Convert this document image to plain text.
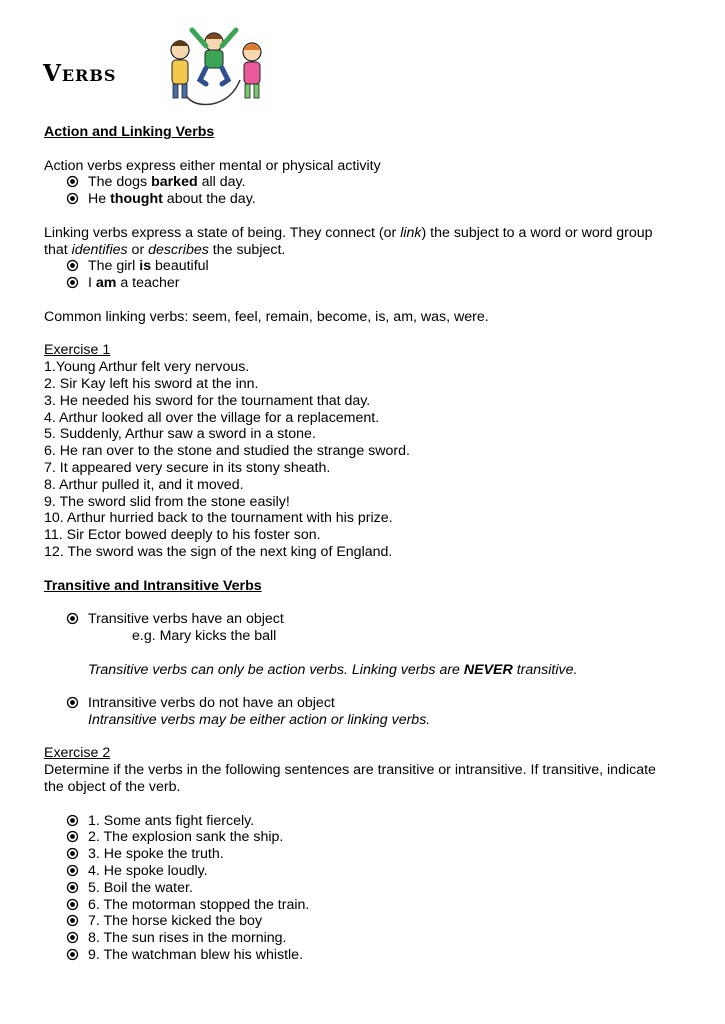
Verbs

Action and Linking Verbs

Action verbs express either mental or physical activity

The dogs barked all day.

He thought about the day.

Linking verbs express a state of being. They connect (or link) the subject to a word or word group
that identifies or describes the subject.

The girl is beautiful

I am a teacher

Common linking verbs: seem, feel, remain, become, is, am, was, were.

Exercise 1

1.Young Arthur felt very nervous.

2. Sir Kay left his sword at the inn.

3. He needed his sword for the tournament that day.

4. Arthur looked all over the village for a replacement.

5. Suddenly, Arthur saw a sword in a stone.

6. He ran over to the stone and studied the strange sword.

7. It appeared very secure in its stony sheath.

8. Arthur pulled it, and it moved.

9. The sword slid from the stone easily!

10. Arthur hurried back to the tournament with his prize.

11. Sir Ector bowed deeply to his foster son.

12. The sword was the sign of the next king of England.

Transitive and Intransitive Verbs

Transitive verbs have an object

e.g. Mary kicks the ball

Transitive verbs can only be action verbs. Linking verbs are NEVER transitive.

Intransitive verbs do not have an object

Intransitive verbs may be either action or linking verbs.

Exercise 2

Determine if the verbs in the following sentences are transitive or intransitive. If transitive, indicate
the object of the verb.

1. Some ants fight fiercely.

2. The explosion sank the ship.

3. He spoke the truth.

4. He spoke loudly.

5. Boil the water.

6. The motorman stopped the train.

7. The horse kicked the boy

8. The sun rises in the morning.

9. The watchman blew his whistle.
